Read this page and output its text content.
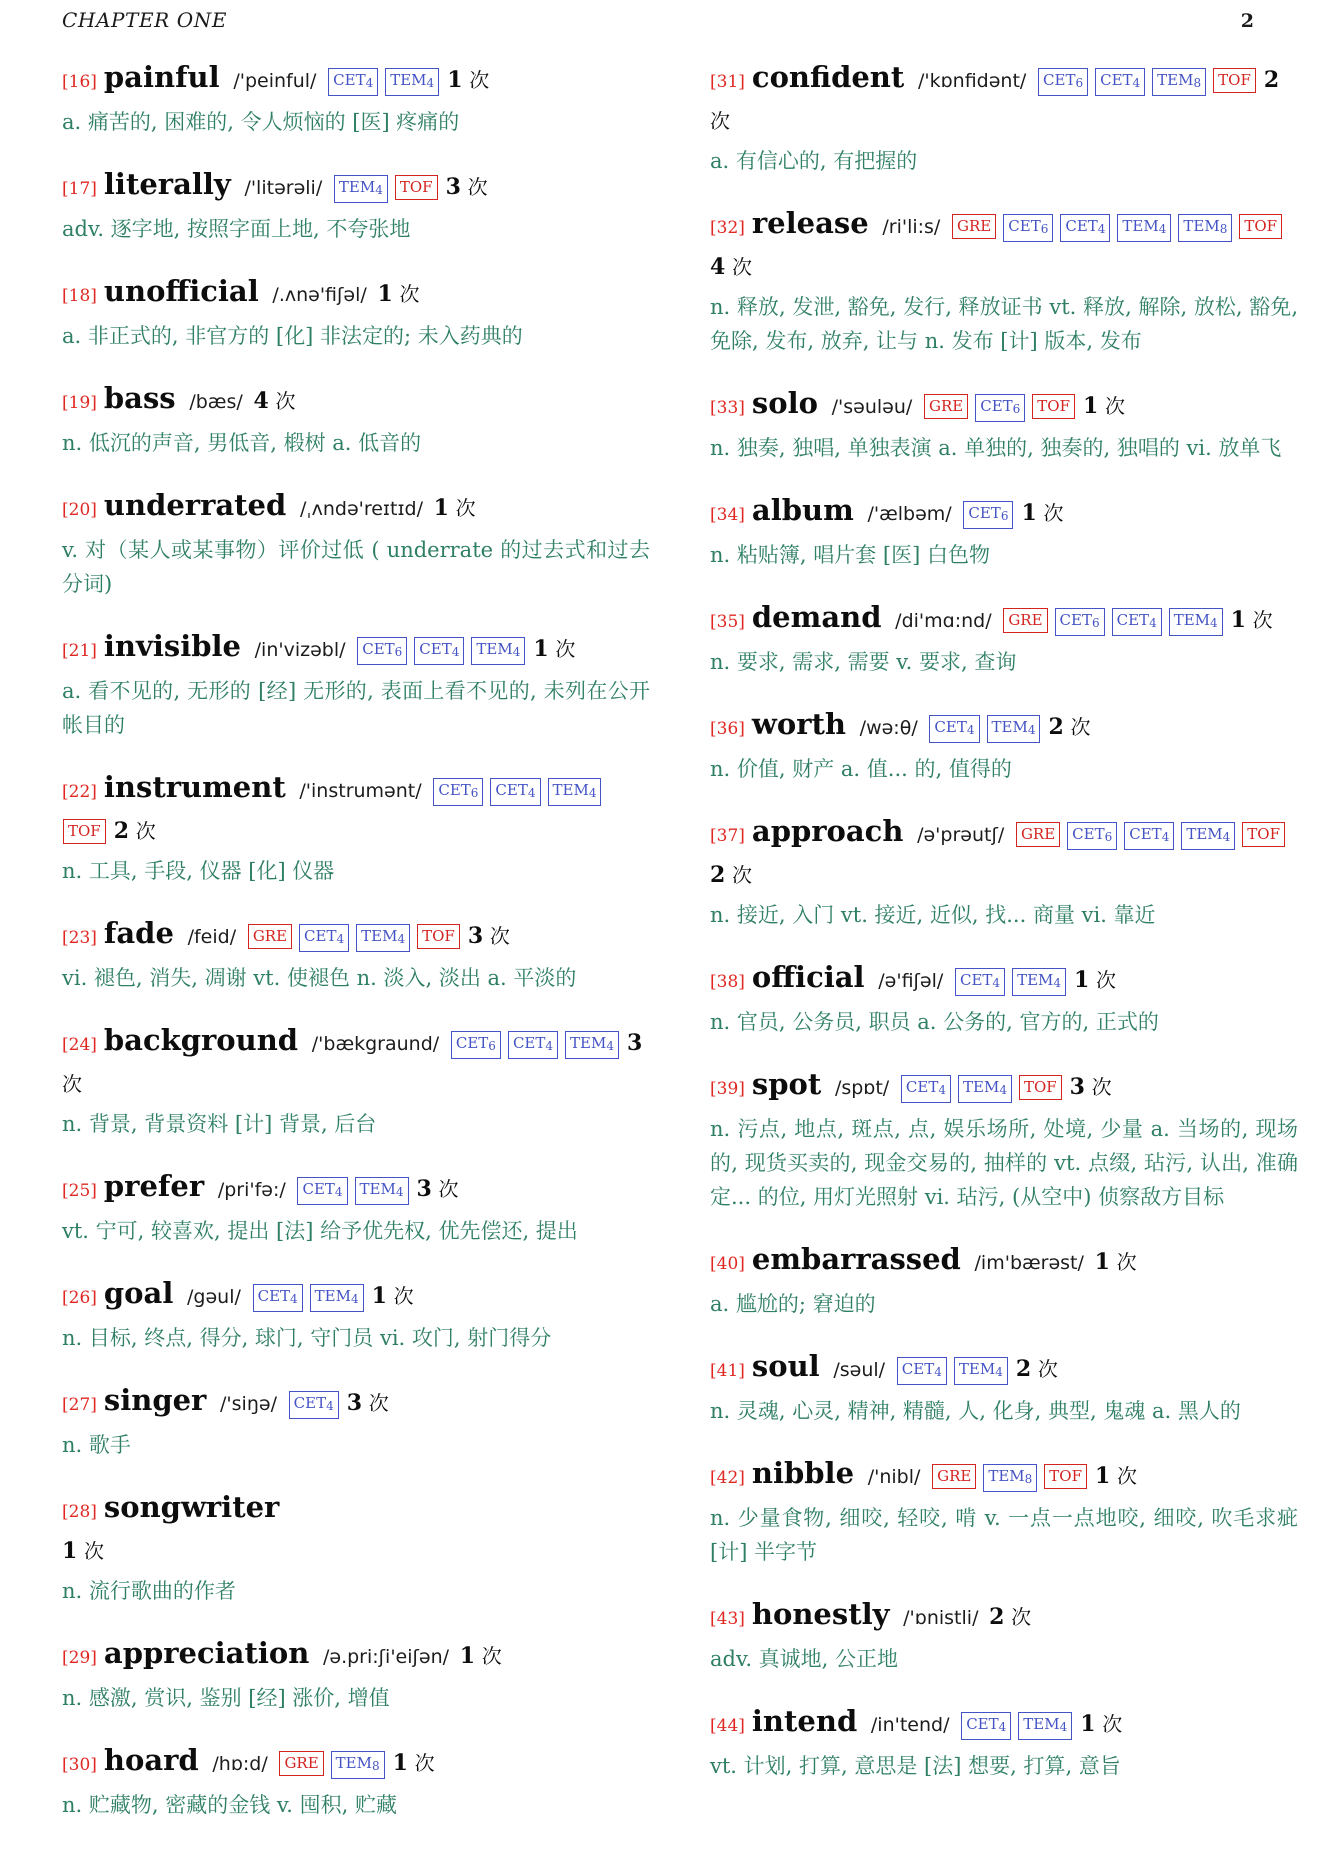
CHAPTER ONE	2
[16] painful /'peinful/ CET4 TEM4 1 次
a. 痛苦的, 困难的, 令人烦恼的 [医] 疼痛的
[17] literally /'litərəli/ TEM4 TOF 3 次
adv. 逐字地, 按照字面上地, 不夸张地
[18] unofficial /.ʌnə'fiʃəl/ 1 次
a. 非正式的, 非官方的 [化] 非法定的; 未入药典的
[19] bass /bæs/ 4 次
n. 低沉的声音, 男低音, 椴树 a. 低音的
[20] underrated /ˌʌndə'reɪtɪd/ 1 次
v. 对（某人或某事物）评价过低 ( underrate 的过去式和过去分词)
[21] invisible /in'vizəbl/ CET6 CET4 TEM4 1 次
a. 看不见的, 无形的 [经] 无形的, 表面上看不见的, 未列在公开帐目的
[22] instrument /'instrumənt/ CET6 CET4 TEM4TOF 2 次
n. 工具, 手段, 仪器 [化] 仪器
[23] fade /feid/ GRE CET4 TEM4 TOF 3 次
vi. 褪色, 消失, 凋谢 vt. 使褪色 n. 淡入, 淡出 a. 平淡的
[24] background /'bækgraund/ CET6 CET4 TEM4 3 次
n. 背景, 背景资料 [计] 背景, 后台
[25] prefer /pri'fə:/ CET4 TEM4 3 次
vt. 宁可, 较喜欢, 提出 [法] 给予优先权, 优先偿还, 提出
[26] goal /gəul/ CET4 TEM4 1 次
n. 目标, 终点, 得分, 球门, 守门员 vi. 攻门, 射门得分
[27] singer /'siŋə/ CET4 3 次
n. 歌手
[28] songwriter
1 次
n. 流行歌曲的作者
[29] appreciation /ə.pri:ʃi'eiʃən/ 1 次
n. 感激, 赏识, 鉴别 [经] 涨价, 增值
[30] hoard /hɒ:d/ GRE TEM8 1 次
n. 贮藏物, 密藏的金钱 v. 囤积, 贮藏
[31] confident /'kɒnfidənt/ CET6 CET4 TEM8 TOF 2 次
a. 有信心的, 有把握的
[32] release /ri'li:s/ GRE CET6 CET4 TEM4 TEM8 TOF4 次
n. 释放, 发泄, 豁免, 发行, 释放证书 vt. 释放, 解除, 放松, 豁免, 免除, 发布, 放弃, 让与 n. 发布 [计] 版本, 发布
[33] solo /'səuləu/ GRE CET6 TOF 1 次
n. 独奏, 独唱, 单独表演 a. 单独的, 独奏的, 独唱的 vi. 放单飞
[34] album /'ælbəm/ CET6 1 次
n. 粘贴簿, 唱片套 [医] 白色物
[35] demand /di'mɑ:nd/ GRE CET6 CET4 TEM4 1 次
n. 要求, 需求, 需要 v. 要求, 查询
[36] worth /wə:θ/ CET4 TEM4 2 次
n. 价值, 财产 a. 值... 的, 值得的
[37] approach /ə'prəutʃ/ GRE CET6 CET4 TEM4 TOF2 次
n. 接近, 入门 vt. 接近, 近似, 找... 商量 vi. 靠近
[38] official /ə'fiʃəl/ CET4 TEM4 1 次
n. 官员, 公务员, 职员 a. 公务的, 官方的, 正式的
[39] spot /spɒt/ CET4 TEM4 TOF 3 次
n. 污点, 地点, 斑点, 点, 娱乐场所, 处境, 少量 a. 当场的, 现场的, 现货买卖的, 现金交易的, 抽样的 vt. 点缀, 玷污, 认出, 准确定... 的位, 用灯光照射 vi. 玷污, (从空中) 侦察敌方目标
[40] embarrassed /im'bærəst/ 1 次
a. 尴尬的; 窘迫的
[41] soul /səul/ CET4 TEM4 2 次
n. 灵魂, 心灵, 精神, 精髓, 人, 化身, 典型, 鬼魂 a. 黑人的
[42] nibble /'nibl/ GRE TEM8 TOF 1 次
n. 少量食物, 细咬, 轻咬, 啃 v. 一点一点地咬, 细咬, 吹毛求疵 [计] 半字节
[43] honestly /'ɒnistli/ 2 次
adv. 真诚地, 公正地
[44] intend /in'tend/ CET4 TEM4 1 次
vt. 计划, 打算, 意思是 [法] 想要, 打算, 意旨
